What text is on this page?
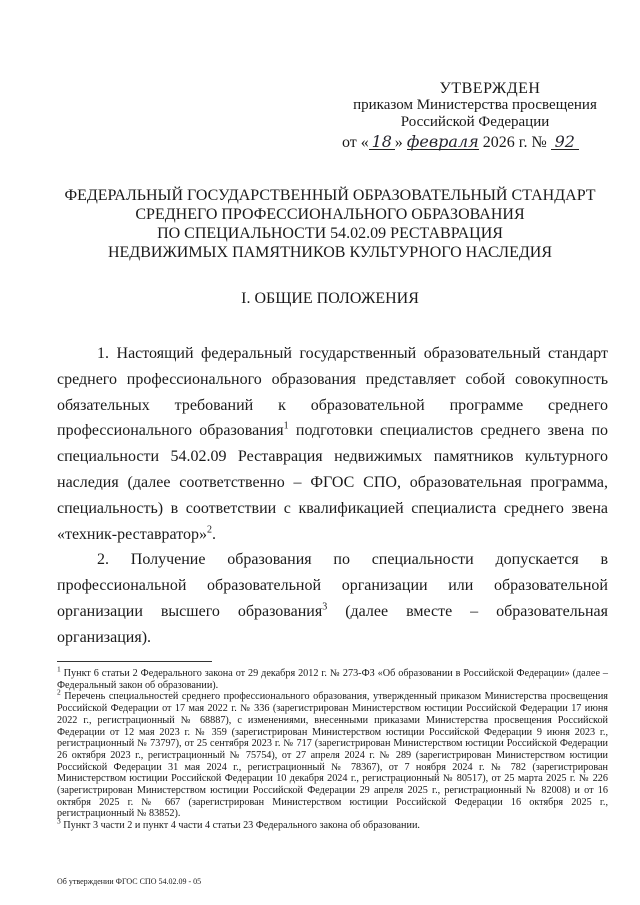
УТВЕРЖДЕН
приказом Министерства просвещения
Российской Федерации
от « 18 » февраля 2026 г. № 92
ФЕДЕРАЛЬНЫЙ ГОСУДАРСТВЕННЫЙ ОБРАЗОВАТЕЛЬНЫЙ СТАНДАРТ
СРЕДНЕГО ПРОФЕССИОНАЛЬНОГО ОБРАЗОВАНИЯ
ПО СПЕЦИАЛЬНОСТИ 54.02.09 РЕСТАВРАЦИЯ
НЕДВИЖИМЫХ ПАМЯТНИКОВ КУЛЬТУРНОГО НАСЛЕДИЯ
I. ОБЩИЕ ПОЛОЖЕНИЯ

1. Настоящий федеральный государственный образовательный стандарт среднего профессионального образования представляет собой совокупность обязательных требований к образовательной программе среднего профессионального образования$^1$ подготовки специалистов среднего звена по специальности 54.02.09 Реставрация недвижимых памятников культурного наследия (далее соответственно – ФГОС СПО, образовательная программа, специальность) в соответствии с квалификацией специалиста среднего звена «техник-реставратор»$^2$.

2. Получение образования по специальности допускается в профессиональной образовательной организации или образовательной организации высшего образования$^3$ (далее вместе – образовательная организация).

$^1$ Пункт 6 статьи 2 Федерального закона от 29 декабря 2012 г. № 273-ФЗ «Об образовании в Российской Федерации» (далее – Федеральный закон об образовании).

$^2$ Перечень специальностей среднего профессионального образования, утвержденный приказом Министерства просвещения Российской Федерации от 17 мая 2022 г. № 336 (зарегистрирован Министерством юстиции Российской Федерации 17 июня 2022 г., регистрационный № 68887), с изменениями, внесенными приказами Министерства просвещения Российской Федерации от 12 мая 2023 г. № 359 (зарегистрирован Министерством юстиции Российской Федерации 9 июня 2023 г., регистрационный № 73797), от 25 сентября 2023 г. № 717 (зарегистрирован Министерством юстиции Российской Федерации 26 октября 2023 г., регистрационный № 75754), от 27 апреля 2024 г. № 289 (зарегистрирован Министерством юстиции Российской Федерации 31 мая 2024 г., регистрационный № 78367), от 7 ноября 2024 г. № 782 (зарегистрирован Министерством юстиции Российской Федерации 10 декабря 2024 г., регистрационный № 80517), от 25 марта 2025 г. № 226 (зарегистрирован Министерством юстиции Российской Федерации 29 апреля 2025 г., регистрационный № 82008) и от 16 октября 2025 г. № 667 (зарегистрирован Министерством юстиции Российской Федерации 16 октября 2025 г., регистрационный № 83852).

$^3$ Пункт 3 части 2 и пункт 4 части 4 статьи 23 Федерального закона об образовании.

Об утверждении ФГОС СПО 54.02.09 - 05
